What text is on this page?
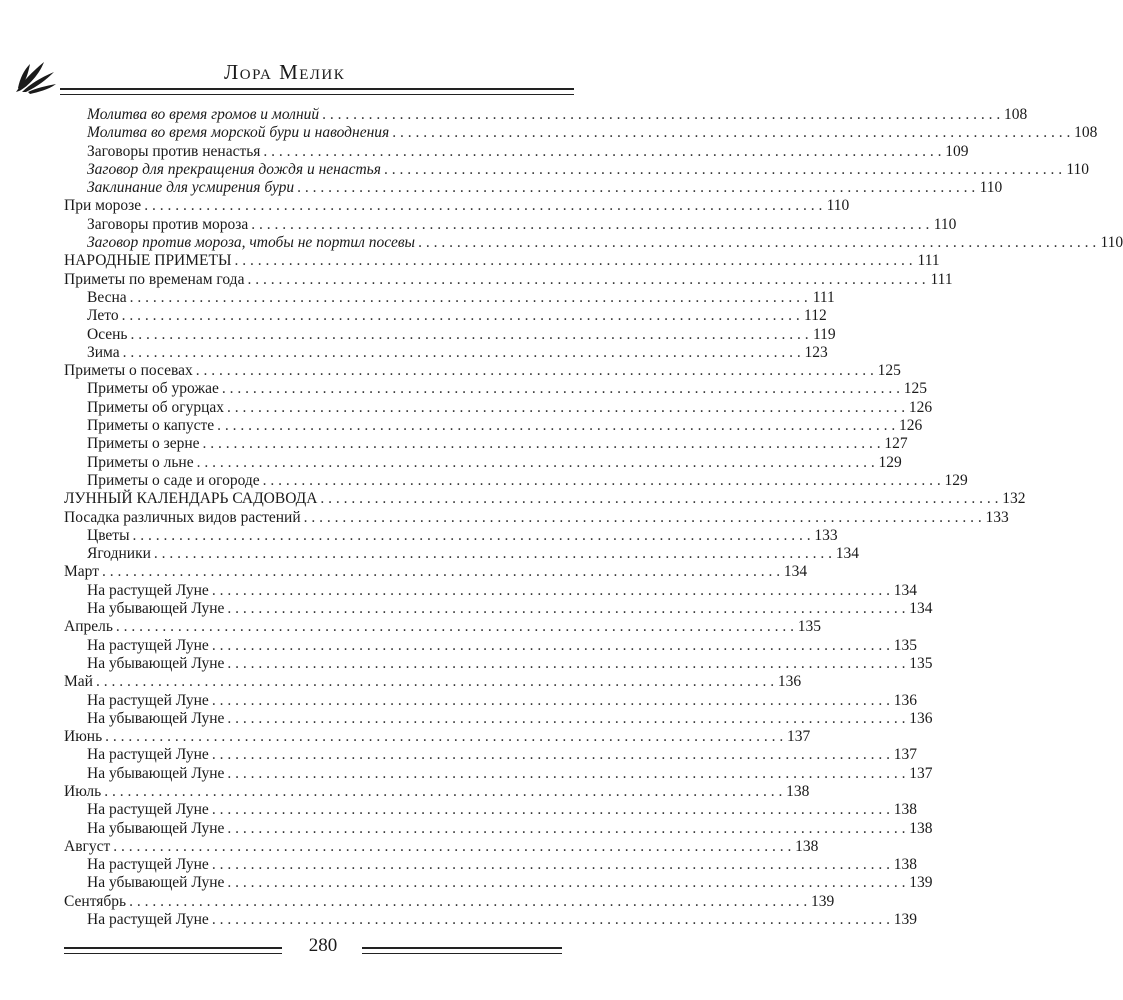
Лора Мелик
Молитва во время громов и молний . . .	108
Молитва во время морской бури и наводнения . . .	108
Заговоры против ненастья . . .	109
Заговор для прекращения дождя и ненастья . . .	110
Заклинание для усмирения бури . . .	110
При морозе . . .	110
Заговоры против мороза . . .	110
Заговор против мороза, чтобы не портил посевы . . .	110
НАРОДНЫЕ ПРИМЕТЫ . . .	111
Приметы по временам года . . .	111
Весна . . .	111
Лето . . .	112
Осень . . .	119
Зима . . .	123
Приметы о посевах . . .	125
Приметы об урожае . . .	125
Приметы об огурцах . . .	126
Приметы о капусте . . .	126
Приметы о зерне . . .	127
Приметы о льне . . .	129
Приметы о саде и огороде . . .	129
ЛУННЫЙ КАЛЕНДАРЬ САДОВОДА . . .	132
Посадка различных видов растений . . .	133
Цветы . . .	133
Ягодники . . .	134
Март . . .	134
На растущей Луне . . .	134
На убывающей Луне . . .	134
Апрель . . .	135
На растущей Луне . . .	135
На убывающей Луне . . .	135
Май . . .	136
На растущей Луне . . .	136
На убывающей Луне . . .	136
Июнь . . .	137
На растущей Луне . . .	137
На убывающей Луне . . .	137
Июль . . .	138
На растущей Луне . . .	138
На убывающей Луне . . .	138
Август . . .	138
На растущей Луне . . .	138
На убывающей Луне . . .	139
Сентябрь . . .	139
На растущей Луне . . .	139
280
